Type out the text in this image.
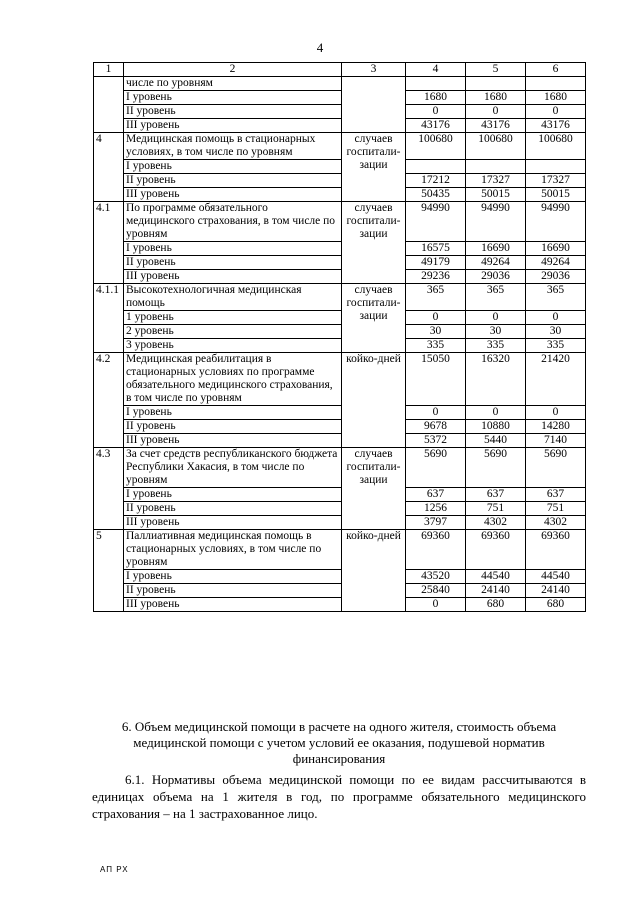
4
1	2	3	4	5	6
	числе по уровням				
	I уровень		1680	1680	1680
	II уровень		0	0	0
	III уровень		43176	43176	43176
4	Медицинская помощь в стационарных условиях, в том числе по уровням	случаев госпитали-зации	100680	100680	100680
	I уровень				
	II уровень		17212	17327	17327
	III уровень		50435	50015	50015
4.1	По программе обязательного медицинского страхования, в том числе по уровням	случаев госпитали-зации	94990	94990	94990
	I уровень		16575	16690	16690
	II уровень		49179	49264	49264
	III уровень		29236	29036	29036
4.1.1	Высокотехнологичная медицинская помощь	случаев госпитали-зации	365	365	365
	1 уровень		0	0	0
	2 уровень		30	30	30
	3 уровень		335	335	335
4.2	Медицинская реабилитация в стационарных условиях по программе обязательного медицинского страхования, в том числе по уровням	койко-дней	15050	16320	21420
	I уровень		0	0	0
	II уровень		9678	10880	14280
	III уровень		5372	5440	7140
4.3	За счет средств республиканского бюджета Республики Хакасия, в том числе по уровням	случаев госпитали-зации	5690	5690	5690
	I уровень		637	637	637
	II уровень		1256	751	751
	III уровень		3797	4302	4302
5	Паллиативная медицинская помощь в стационарных условиях, в том числе по уровням	койко-дней	69360	69360	69360
	I уровень		43520	44540	44540
	II уровень		25840	24140	24140
	III уровень		0	680	680
6. Объем медицинской помощи в расчете на одного жителя, стоимость объема медицинской помощи с учетом условий ее оказания, подушевой норматив финансирования
6.1. Нормативы объема медицинской помощи по ее видам рассчитываются в единицах объема на 1 жителя в год, по программе обязательного медицинского страхования – на 1 застрахованное лицо.
АП РХ
